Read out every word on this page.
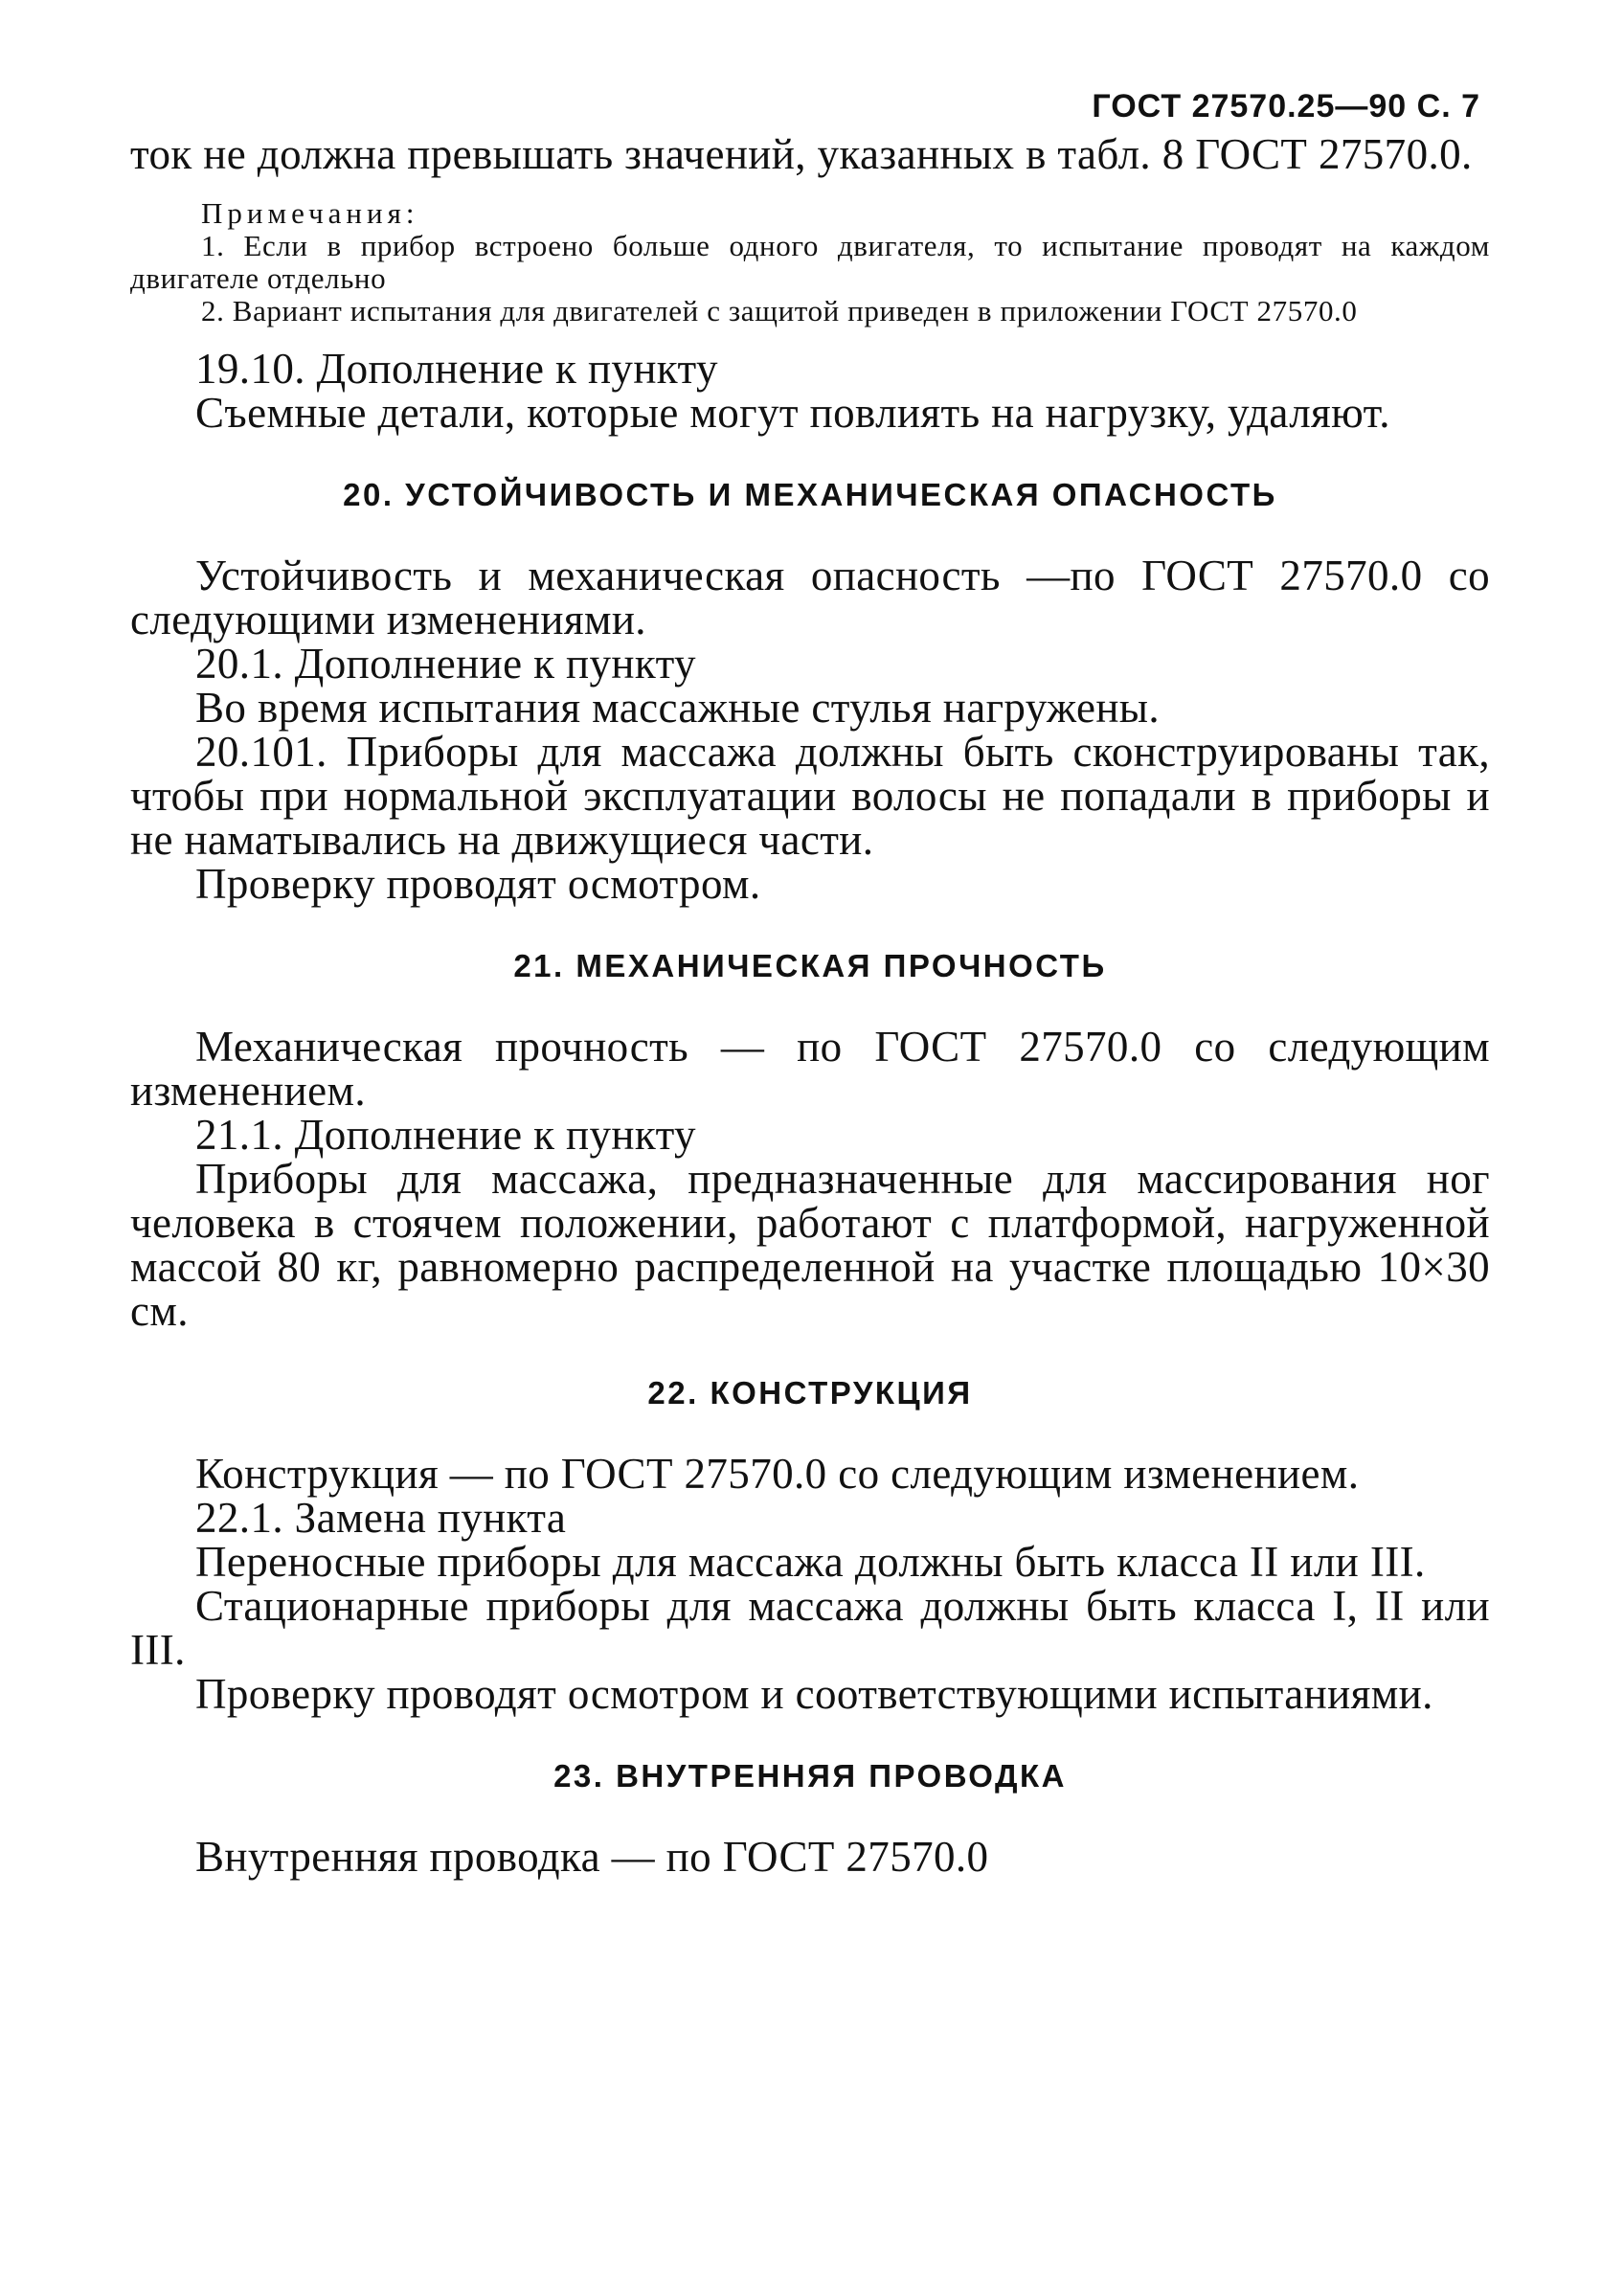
ГОСТ 27570.25—90 С. 7

ток не должна превышать значений, указанных в табл. 8 ГОСТ 27570.0.

Примечания:

1. Если в прибор встроено больше одного двигателя, то испытание проводят на каждом двигателе отдельно

2. Вариант испытания для двигателей с защитой приведен в приложении ГОСТ 27570.0

19.10. Дополнение к пункту

Съемные детали, которые могут повлиять на нагрузку, удаляют.

20. УСТОЙЧИВОСТЬ И МЕХАНИЧЕСКАЯ ОПАСНОСТЬ

Устойчивость и механическая опасность —по ГОСТ 27570.0 со следующими изменениями.

20.1. Дополнение к пункту

Во время испытания массажные стулья нагружены.

20.101. Приборы для массажа должны быть сконструированы так, чтобы при нормальной эксплуатации волосы не попадали в приборы и не наматывались на движущиеся части.

Проверку проводят осмотром.

21. МЕХАНИЧЕСКАЯ ПРОЧНОСТЬ

Механическая прочность — по ГОСТ 27570.0 со следующим изменением.

21.1. Дополнение к пункту

Приборы для массажа, предназначенные для массирования ног человека в стоячем положении, работают с платформой, нагруженной массой 80 кг, равномерно распределенной на участке площадью 10×30 см.

22. КОНСТРУКЦИЯ

Конструкция — по ГОСТ 27570.0 со следующим изменением.

22.1. Замена пункта

Переносные приборы для массажа должны быть класса II или III.

Стационарные приборы для массажа должны быть класса I, II или III.

Проверку проводят осмотром и соответствующими испытаниями.

23. ВНУТРЕННЯЯ ПРОВОДКА

Внутренняя проводка — по ГОСТ 27570.0
